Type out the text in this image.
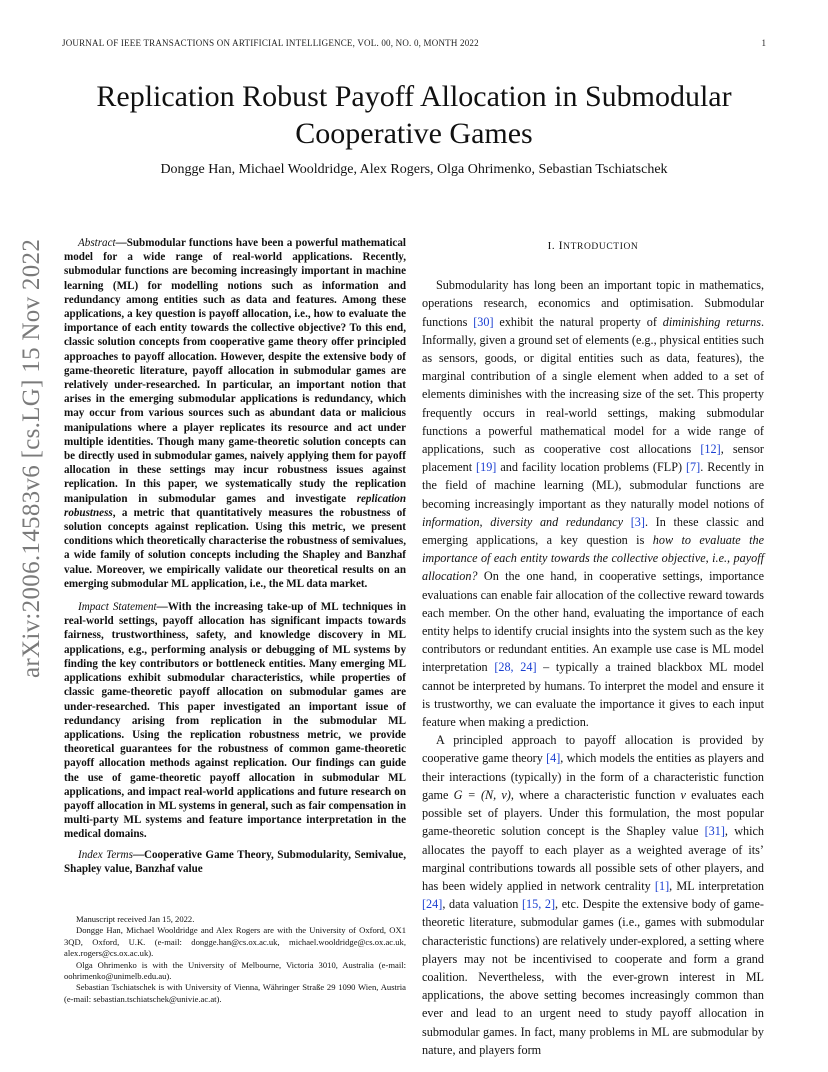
JOURNAL OF IEEE TRANSACTIONS ON ARTIFICIAL INTELLIGENCE, VOL. 00, NO. 0, MONTH 2022	1
arXiv:2006.14583v6 [cs.LG] 15 Nov 2022
Replication Robust Payoff Allocation in Submodular Cooperative Games
Dongge Han, Michael Wooldridge, Alex Rogers, Olga Ohrimenko, Sebastian Tschiatschek

Abstract—Submodular functions have been a powerful mathematical model for a wide range of real-world applications. Recently, submodular functions are becoming increasingly important in machine learning (ML) for modelling notions such as information and redundancy among entities such as data and features. Among these applications, a key question is payoff allocation, i.e., how to evaluate the importance of each entity towards the collective objective? To this end, classic solution concepts from cooperative game theory offer principled approaches to payoff allocation. However, despite the extensive body of game-theoretic literature, payoff allocation in submodular games are relatively under-researched. In particular, an important notion that arises in the emerging submodular applications is redundancy, which may occur from various sources such as abundant data or malicious manipulations where a player replicates its resource and act under multiple identities. Though many game-theoretic solution concepts can be directly used in submodular games, naively applying them for payoff allocation in these settings may incur robustness issues against replication. In this paper, we systematically study the replication manipulation in submodular games and investigate replication robustness, a metric that quantitatively measures the robustness of solution concepts against replication. Using this metric, we present conditions which theoretically characterise the robustness of semivalues, a wide family of solution concepts including the Shapley and Banzhaf value. Moreover, we empirically validate our theoretical results on an emerging submodular ML application, i.e., the ML data market.

Impact Statement—With the increasing take-up of ML techniques in real-world settings, payoff allocation has significant impacts towards fairness, trustworthiness, safety, and knowledge discovery in ML applications, e.g., performing analysis or debugging of ML systems by finding the key contributors or bottleneck entities. Many emerging ML applications exhibit submodular characteristics, while properties of classic game-theoretic payoff allocation on submodular games are under-researched. This paper investigated an important issue of redundancy arising from replication in the submodular ML applications. Using the replication robustness metric, we provide theoretical guarantees for the robustness of common game-theoretic payoff allocation methods against replication. Our findings can guide the use of game-theoretic payoff allocation in submodular ML applications, and impact real-world applications and future research on payoff allocation in ML systems in general, such as fair compensation in multi-party ML systems and feature importance interpretation in the medical domains.

Index Terms—Cooperative Game Theory, Submodularity, Semivalue, Shapley value, Banzhaf value

Manuscript received Jan 15, 2022.

Dongge Han, Michael Wooldridge and Alex Rogers are with the University of Oxford, OX1 3QD, Oxford, U.K. (e-mail: dongge.han@cs.ox.ac.uk, michael.wooldridge@cs.ox.ac.uk, alex.rogers@cs.ox.ac.uk).

Olga Ohrimenko is with the University of Melbourne, Victoria 3010, Australia (e-mail: oohrimenko@unimelb.edu.au).

Sebastian Tschiatschek is with University of Vienna, Währinger Straße 29 1090 Wien, Austria (e-mail: sebastian.tschiatschek@univie.ac.at).

I. INTRODUCTION

Submodularity has long been an important topic in mathematics, operations research, economics and optimisation. Submodular functions [30] exhibit the natural property of diminishing returns. Informally, given a ground set of elements (e.g., physical entities such as sensors, goods, or digital entities such as data, features), the marginal contribution of a single element when added to a set of elements diminishes with the increasing size of the set. This property frequently occurs in real-world settings, making submodular functions a powerful mathematical model for a wide range of applications, such as cooperative cost allocations [12], sensor placement [19] and facility location problems (FLP) [7]. Recently in the field of machine learning (ML), submodular functions are becoming increasingly important as they naturally model notions of information, diversity and redundancy [3]. In these classic and emerging applications, a key question is how to evaluate the importance of each entity towards the collective objective, i.e., payoff allocation? On the one hand, in cooperative settings, importance evaluations can enable fair allocation of the collective reward towards each member. On the other hand, evaluating the importance of each entity helps to identify crucial insights into the system such as the key contributors or redundant entities. An example use case is ML model interpretation [28, 24] – typically a trained blackbox ML model cannot be interpreted by humans. To interpret the model and ensure it is trustworthy, we can evaluate the importance it gives to each input feature when making a prediction.

A principled approach to payoff allocation is provided by cooperative game theory [4], which models the entities as players and their interactions (typically) in the form of a characteristic function game G = (N, v), where a characteristic function v evaluates each possible set of players. Under this formulation, the most popular game-theoretic solution concept is the Shapley value [31], which allocates the payoff to each player as a weighted average of its’ marginal contributions towards all possible sets of other players, and has been widely applied in network centrality [1], ML interpretation [24], data valuation [15, 2], etc. Despite the extensive body of game-theoretic literature, submodular games (i.e., games with submodular characteristic functions) are relatively under-explored, a setting where players may not be incentivised to cooperate and form a grand coalition. Nevertheless, with the ever-grown interest in ML applications, the above setting becomes increasingly common than ever and lead to an urgent need to study payoff allocation in submodular games. In fact, many problems in ML are submodular by nature, and players form
